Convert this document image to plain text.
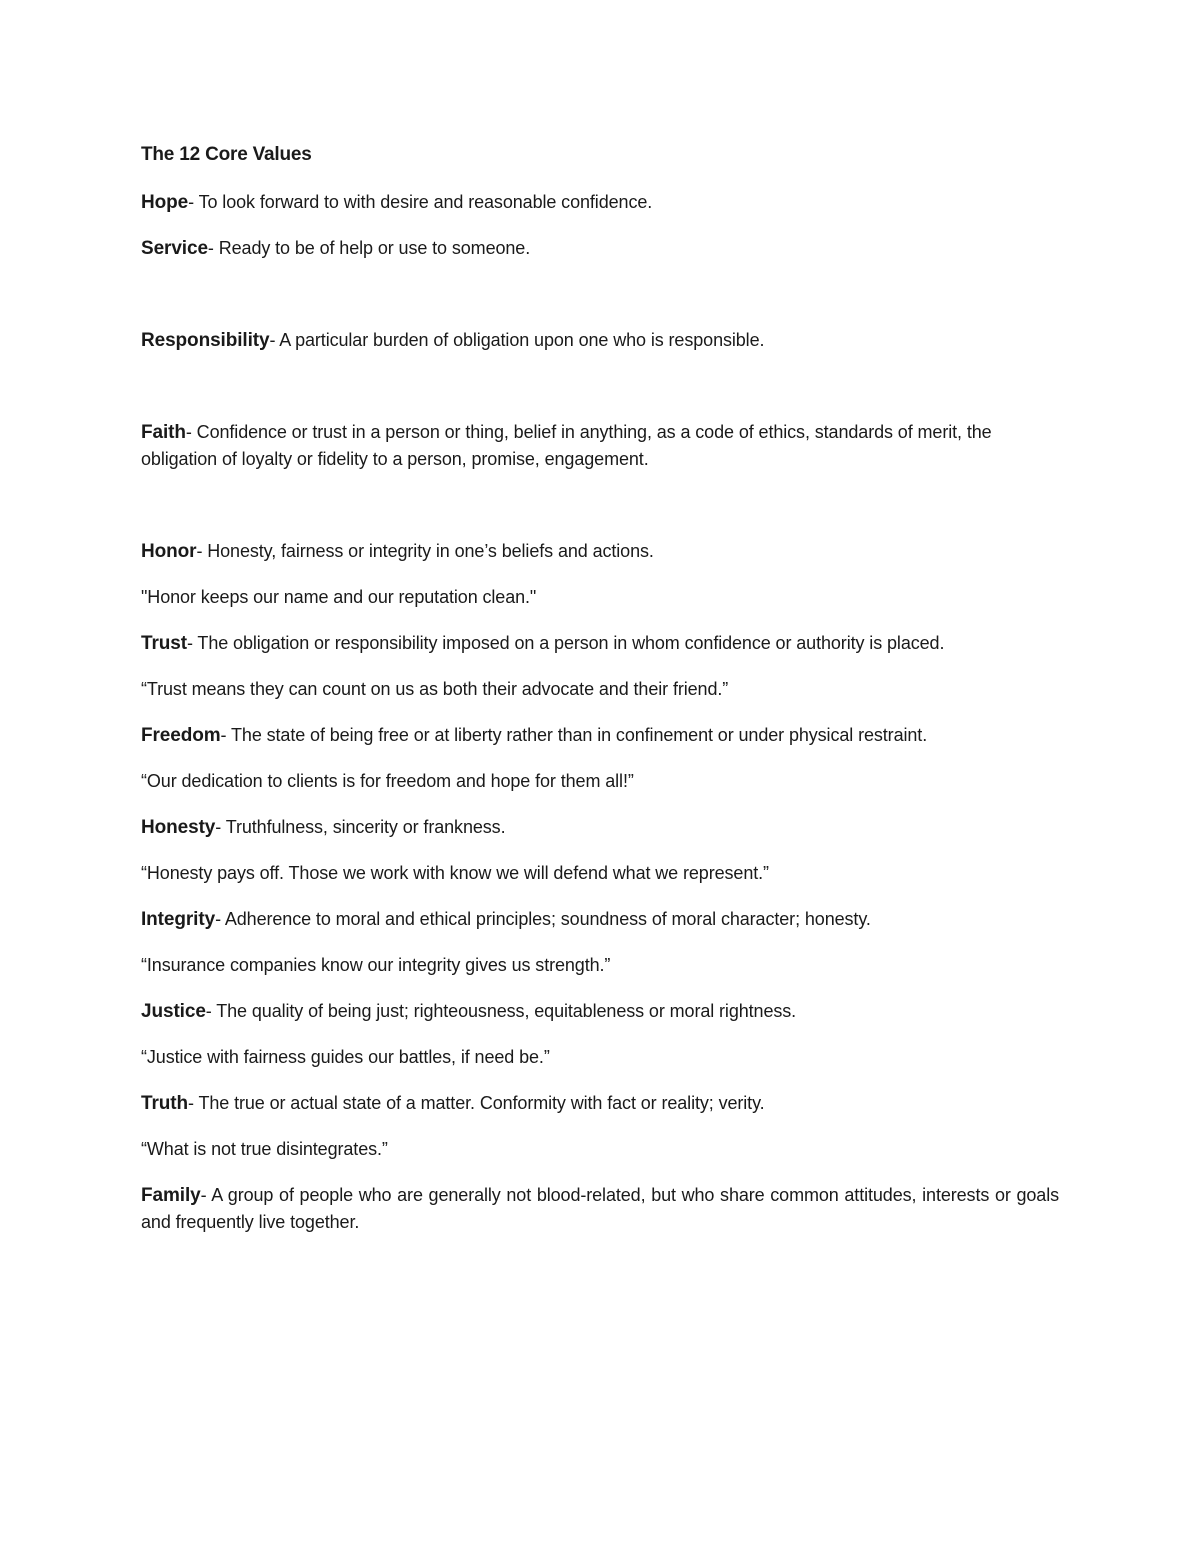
The 12 Core Values

Hope- To look forward to with desire and reasonable confidence.

Service- Ready to be of help or use to someone.

Responsibility- A particular burden of obligation upon one who is responsible.

Faith- Confidence or trust in a person or thing, belief in anything, as a code of ethics, standards of merit, the obligation of loyalty or fidelity to a person, promise, engagement.

Honor- Honesty, fairness or integrity in one’s beliefs and actions.

"Honor keeps our name and our reputation clean."

Trust- The obligation or responsibility imposed on a person in whom confidence or authority is placed.

“Trust means they can count on us as both their advocate and their friend.”

Freedom- The state of being free or at liberty rather than in confinement or under physical restraint.

“Our dedication to clients is for freedom and hope for them all!”

Honesty- Truthfulness, sincerity or frankness.

“Honesty pays off. Those we work with know we will defend what we represent.”

Integrity- Adherence to moral and ethical principles; soundness of moral character; honesty.

“Insurance companies know our integrity gives us strength.”

Justice- The quality of being just; righteousness, equitableness or moral rightness.

“Justice with fairness guides our battles, if need be.”

Truth- The true or actual state of a matter. Conformity with fact or reality; verity.

“What is not true disintegrates.”

Family- A group of people who are generally not blood-related, but who share common attitudes, interests or goals and frequently live together.
